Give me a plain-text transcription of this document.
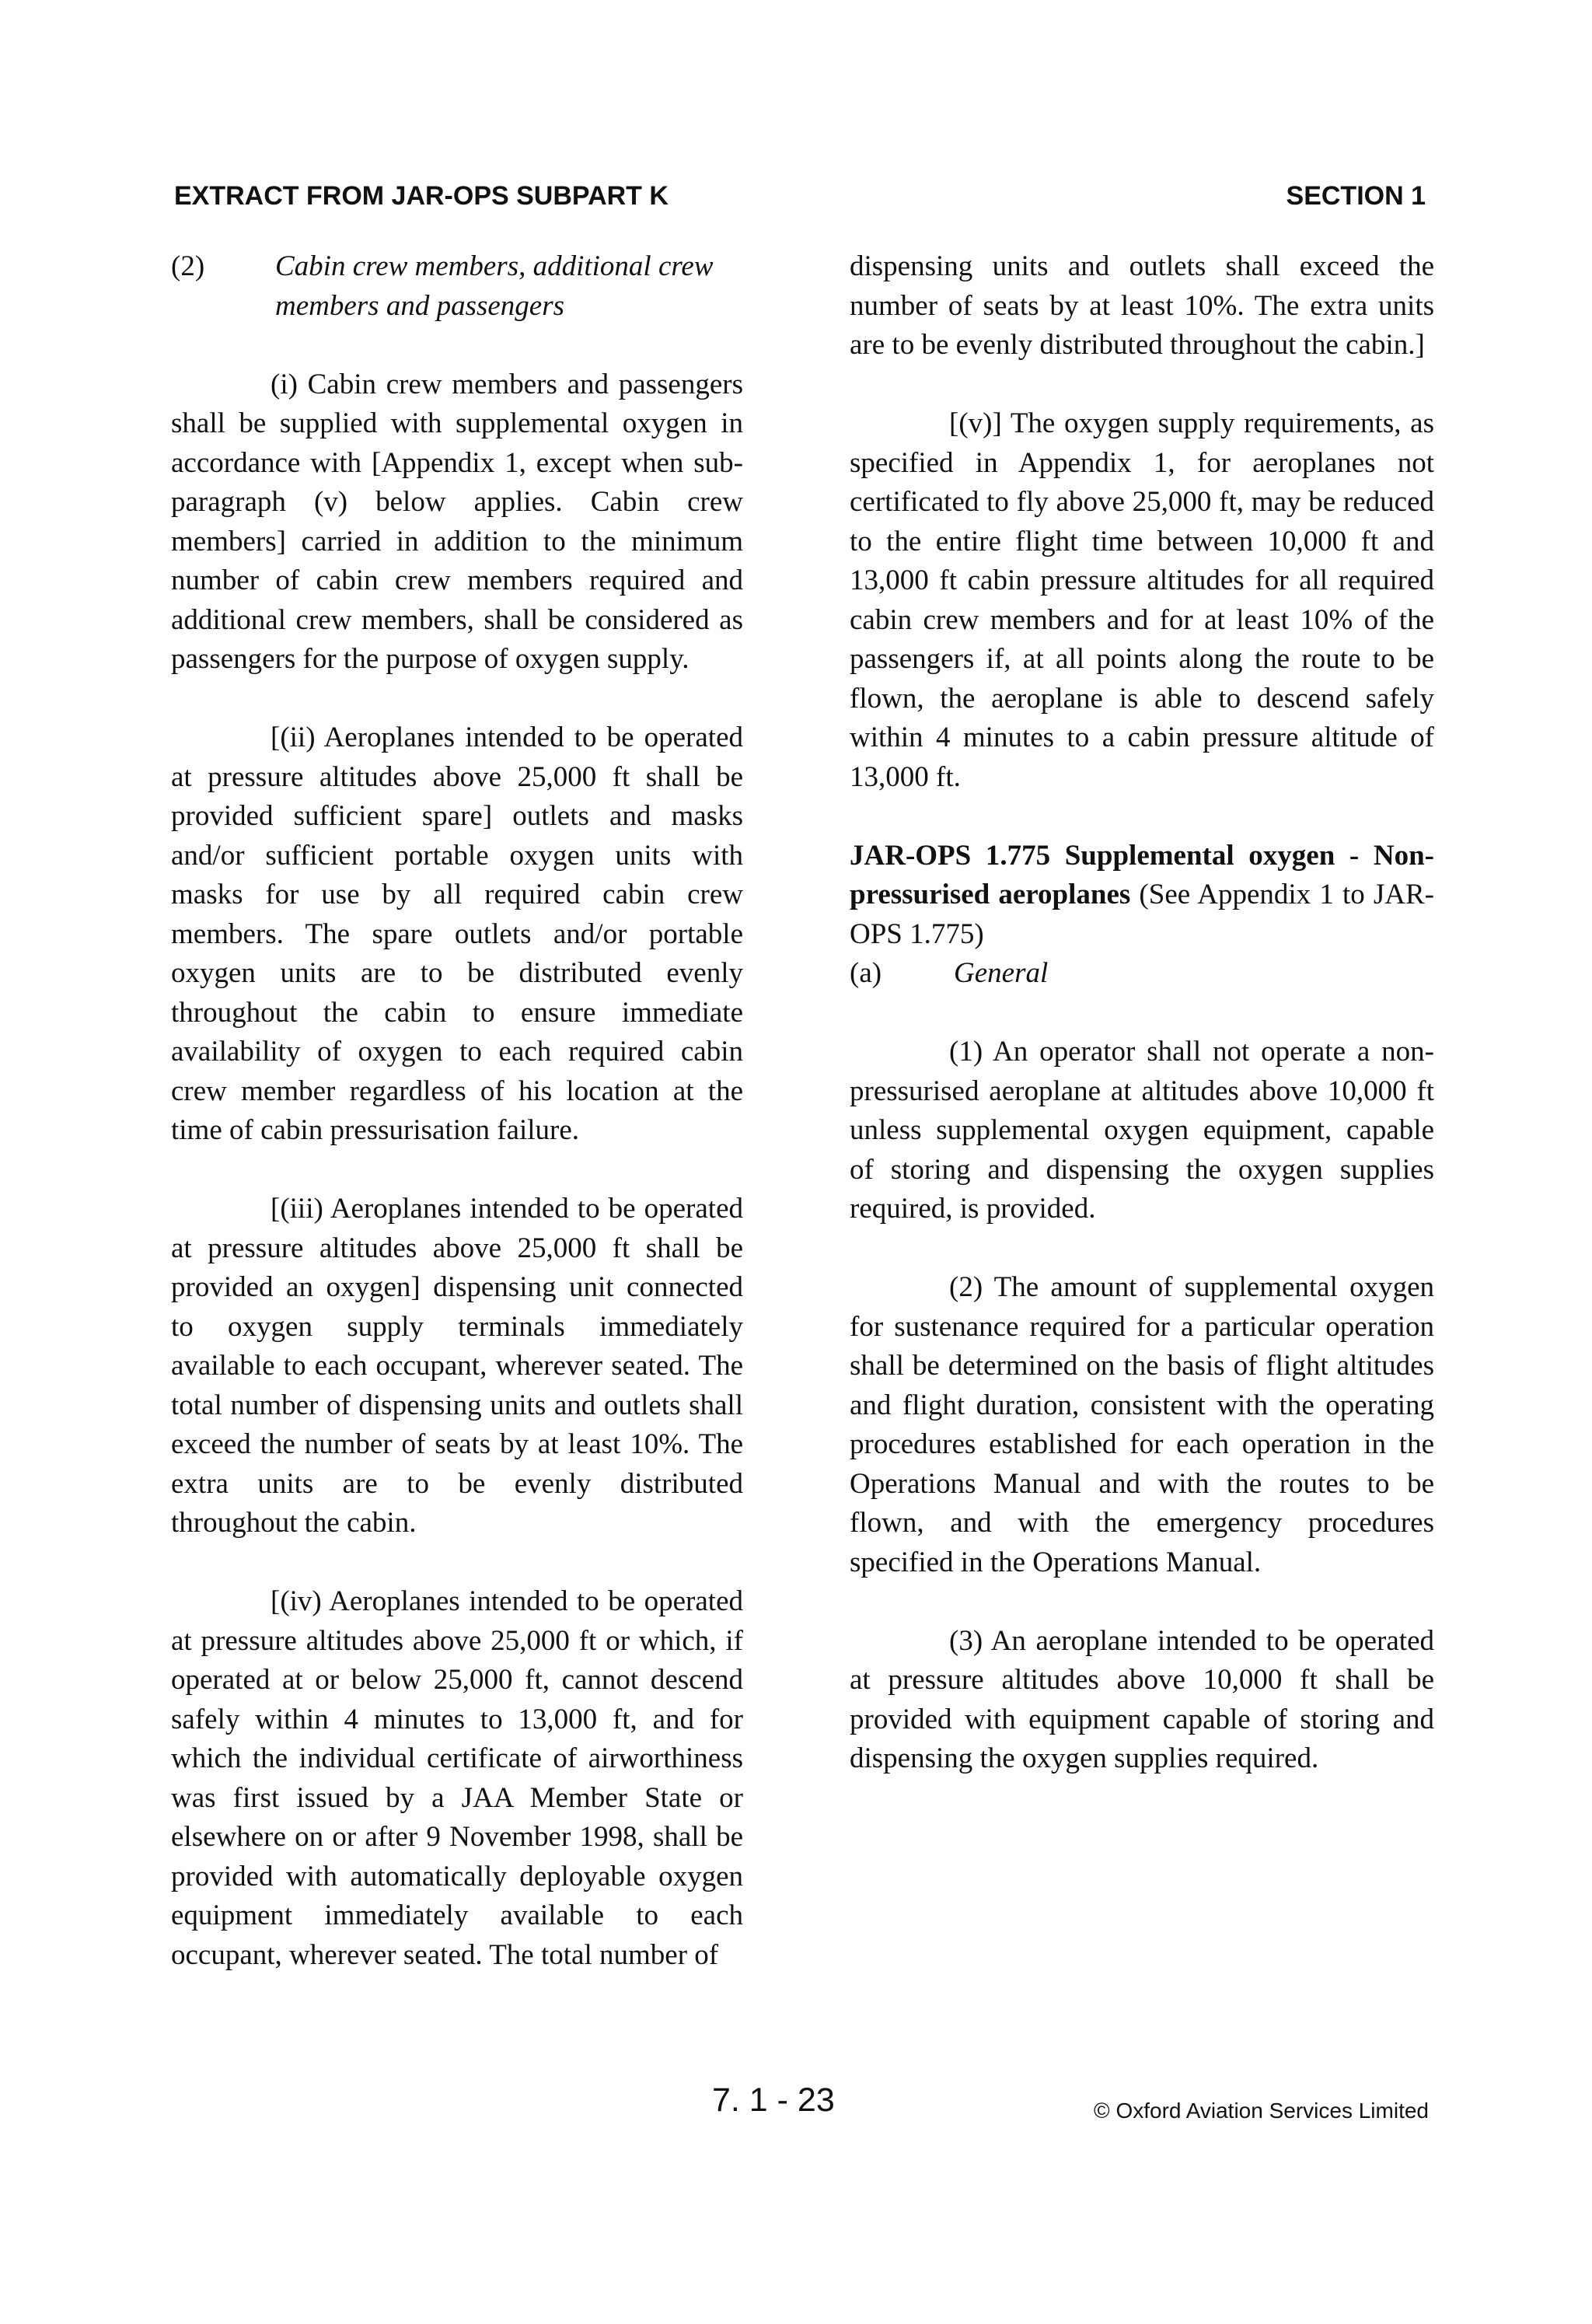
EXTRACT FROM JAR-OPS SUBPART K	SECTION 1
(2)	Cabin crew members, additional crew members and passengers

(i) Cabin crew members and passengers shall be supplied with supplemental oxygen in accordance with [Appendix 1, except when sub-paragraph (v) below applies. Cabin crew members] carried in addition to the minimum number of cabin crew members required and additional crew members, shall be considered as passengers for the purpose of oxygen supply.

[(ii) Aeroplanes intended to be operated at pressure altitudes above 25,000 ft shall be provided sufficient spare] outlets and masks and/or sufficient portable oxygen units with masks for use by all required cabin crew members. The spare outlets and/or portable oxygen units are to be distributed evenly throughout the cabin to ensure immediate availability of oxygen to each required cabin crew member regardless of his location at the time of cabin pressurisation failure.

[(iii) Aeroplanes intended to be operated at pressure altitudes above 25,000 ft shall be provided an oxygen] dispensing unit connected to oxygen supply terminals immediately available to each occupant, wherever seated. The total number of dispensing units and outlets shall exceed the number of seats by at least 10%. The extra units are to be evenly distributed throughout the cabin.

[(iv) Aeroplanes intended to be operated at pressure altitudes above 25,000 ft or which, if operated at or below 25,000 ft, cannot descend safely within 4 minutes to 13,000 ft, and for which the individual certificate of airworthiness was first issued by a JAA Member State or elsewhere on or after 9 November 1998, shall be provided with automatically deployable oxygen equipment immediately available to each occupant, wherever seated. The total number of

dispensing units and outlets shall exceed the number of seats by at least 10%. The extra units are to be evenly distributed throughout the cabin.]

[(v)] The oxygen supply requirements, as specified in Appendix 1, for aeroplanes not certificated to fly above 25,000 ft, may be reduced to the entire flight time between 10,000 ft and 13,000 ft cabin pressure altitudes for all required cabin crew members and for at least 10% of the passengers if, at all points along the route to be flown, the aeroplane is able to descend safely within 4 minutes to a cabin pressure altitude of 13,000 ft.

JAR-OPS 1.775 Supplemental oxygen - Non-pressurised aeroplanes (See Appendix 1 to JAR-OPS 1.775)

(a)	General

(1) An operator shall not operate a non-pressurised aeroplane at altitudes above 10,000 ft unless supplemental oxygen equipment, capable of storing and dispensing the oxygen supplies required, is provided.

(2) The amount of supplemental oxygen for sustenance required for a particular operation shall be determined on the basis of flight altitudes and flight duration, consistent with the operating procedures established for each operation in the Operations Manual and with the routes to be flown, and with the emergency procedures specified in the Operations Manual.

(3) An aeroplane intended to be operated at pressure altitudes above 10,000 ft shall be provided with equipment capable of storing and dispensing the oxygen supplies required.

7. 1 - 23	© Oxford Aviation Services Limited
